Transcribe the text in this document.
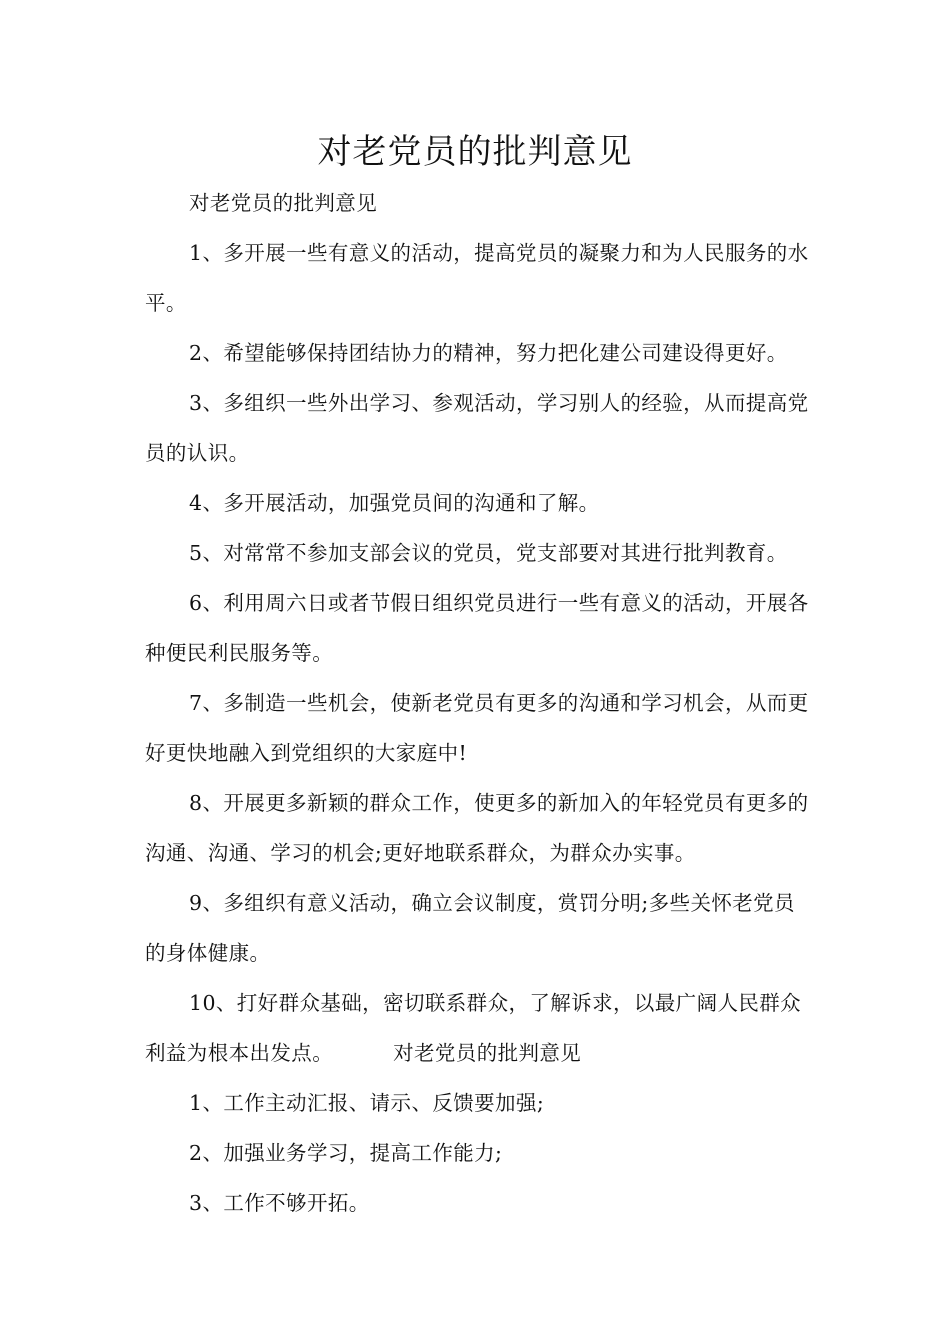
对老党员的批判意见

对老党员的批判意见

1、多开展一些有意义的活动，提高党员的凝聚力和为人民服务的水平。

2、希望能够保持团结协力的精神，努力把化建公司建设得更好。

3、多组织一些外出学习、参观活动，学习别人的经验，从而提高党员的认识。

4、多开展活动，加强党员间的沟通和了解。

5、对常常不参加支部会议的党员，党支部要对其进行批判教育。

6、利用周六日或者节假日组织党员进行一些有意义的活动，开展各种便民利民服务等。

7、多制造一些机会，使新老党员有更多的沟通和学习机会，从而更好更快地融入到党组织的大家庭中!

8、开展更多新颖的群众工作，使更多的新加入的年轻党员有更多的沟通、沟通、学习的机会;更好地联系群众，为群众办实事。

9、多组织有意义活动，确立会议制度，赏罚分明;多些关怀老党员的身体健康。

10、打好群众基础，密切联系群众，了解诉求，以最广阔人民群众利益为根本出发点。	对老党员的批判意见

1、工作主动汇报、请示、反馈要加强;

2、加强业务学习，提高工作能力;

3、工作不够开拓。
